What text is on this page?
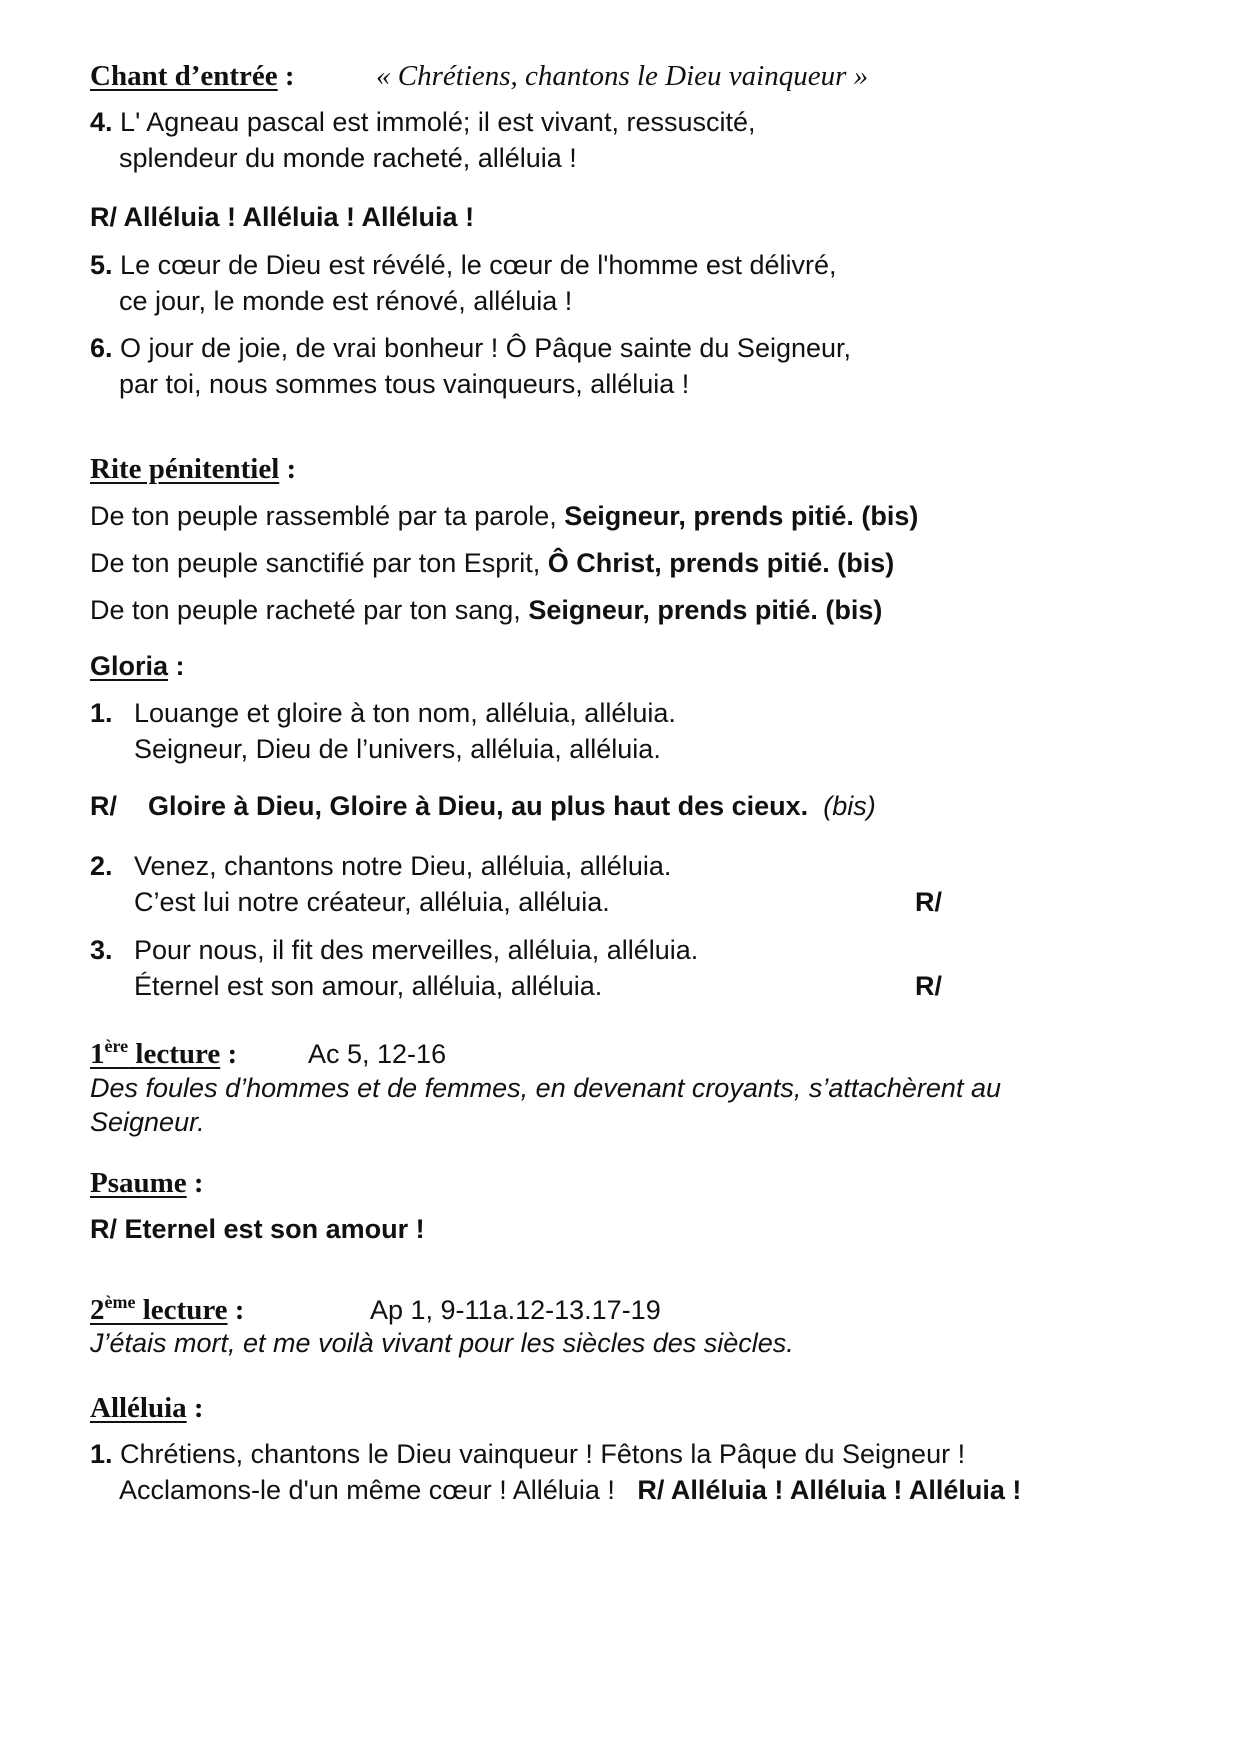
Chant d’entrée :	« Chrétiens, chantons le Dieu vainqueur »
4. L' Agneau pascal est immolé; il est vivant, ressuscité,
splendeur du monde racheté, alléluia !
R/ Alléluia ! Alléluia ! Alléluia !
5. Le cœur de Dieu est révélé, le cœur de l'homme est délivré,
ce jour, le monde est rénové, alléluia !
6. O jour de joie, de vrai bonheur ! Ô Pâque sainte du Seigneur,
par toi, nous sommes tous vainqueurs, alléluia !
Rite pénitentiel :
De ton peuple rassemblé par ta parole, Seigneur, prends pitié. (bis)
De ton peuple sanctifié par ton Esprit, Ô Christ, prends pitié. (bis)
De ton peuple racheté par ton sang, Seigneur, prends pitié. (bis)
Gloria :
1. Louange et gloire à ton nom, alléluia, alléluia.
Seigneur, Dieu de l’univers, alléluia, alléluia.
R/ Gloire à Dieu, Gloire à Dieu, au plus haut des cieux. (bis)
2. Venez, chantons notre Dieu, alléluia, alléluia.
C’est lui notre créateur, alléluia, alléluia.	R/
3. Pour nous, il fit des merveilles, alléluia, alléluia.
Éternel est son amour, alléluia, alléluia.	R/
1ère lecture :	Ac 5, 12-16
Des foules d’hommes et de femmes, en devenant croyants, s’attachèrent au
Seigneur.
Psaume :
R/ Eternel est son amour !
2ème lecture :	Ap 1, 9-11a.12-13.17-19
J’étais mort, et me voilà vivant pour les siècles des siècles.
Alléluia :
1. Chrétiens, chantons le Dieu vainqueur ! Fêtons la Pâque du Seigneur !
Acclamons-le d'un même cœur ! Alléluia ! R/ Alléluia ! Alléluia ! Alléluia !
